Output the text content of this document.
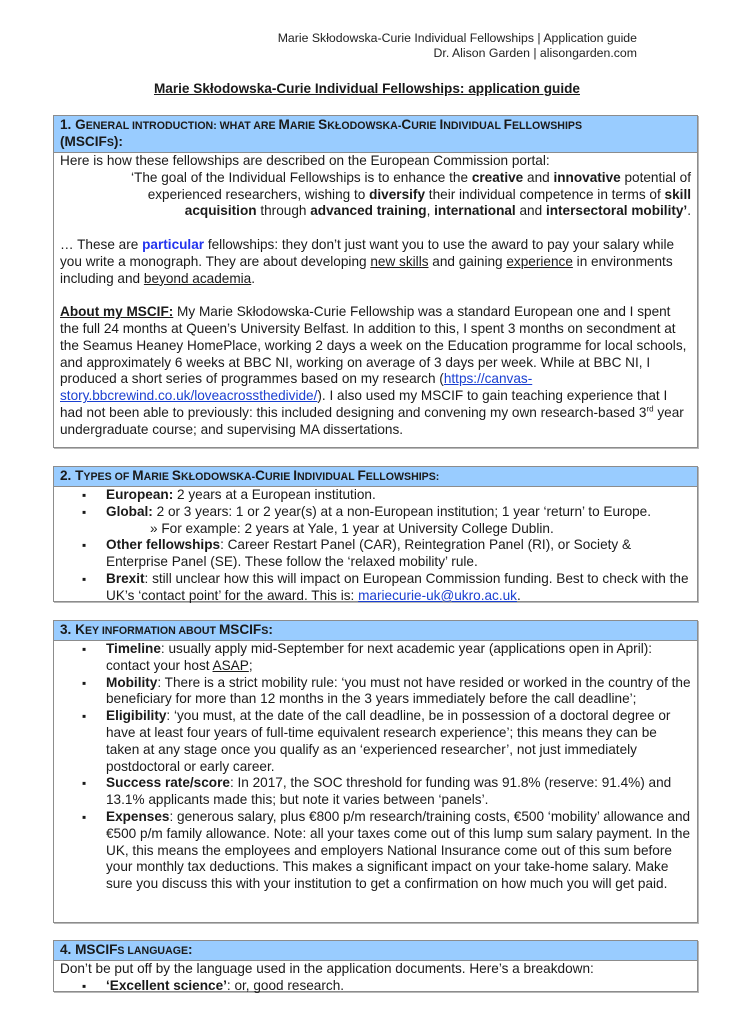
Marie Skłodowska-Curie Individual Fellowships | Application guide
Dr. Alison Garden | alisongarden.com
Marie Skłodowska-Curie Individual Fellowships: application guide
1. GENERAL INTRODUCTION: WHAT ARE MARIE SKŁODOWSKA-CURIE INDIVIDUAL FELLOWSHIPS
(MSCIFS):

Here is how these fellowships are described on the European Commission portal:

‘The goal of the Individual Fellowships is to enhance the creative and innovative potential of experienced researchers, wishing to diversify their individual competence in terms of skill acquisition through advanced training, international and intersectoral mobility’.

… These are particular fellowships: they don’t just want you to use the award to pay your salary while you write a monograph. They are about developing new skills and gaining experience in environments including and beyond academia.

About my MSCIF: My Marie Skłodowska-Curie Fellowship was a standard European one and I spent the full 24 months at Queen’s University Belfast. In addition to this, I spent 3 months on secondment at the Seamus Heaney HomePlace, working 2 days a week on the Education programme for local schools, and approximately 6 weeks at BBC NI, working on average of 3 days per week. While at BBC NI, I produced a short series of programmes based on my research (https://canvas-story.bbcrewind.co.uk/loveacrossthedivide/). I also used my MSCIF to gain teaching experience that I had not been able to previously: this included designing and convening my own research-based 3rd year undergraduate course; and supervising MA dissertations.

2. TYPES OF MARIE SKŁODOWSKA-CURIE INDIVIDUAL FELLOWSHIPS:
▪ European: 2 years at a European institution.
▪ Global: 2 or 3 years: 1 or 2 year(s) at a non-European institution; 1 year ‘return’ to Europe.
» For example: 2 years at Yale, 1 year at University College Dublin.
▪ Other fellowships: Career Restart Panel (CAR), Reintegration Panel (RI), or Society & Enterprise Panel (SE). These follow the ‘relaxed mobility’ rule.
▪ Brexit: still unclear how this will impact on European Commission funding. Best to check with the UK’s ‘contact point’ for the award. This is: mariecurie-uk@ukro.ac.uk.
3. KEY INFORMATION ABOUT MSCIFS:
▪ Timeline: usually apply mid-September for next academic year (applications open in April): contact your host ASAP;
▪ Mobility: There is a strict mobility rule: ‘you must not have resided or worked in the country of the beneficiary for more than 12 months in the 3 years immediately before the call deadline’;
▪ Eligibility: ‘you must, at the date of the call deadline, be in possession of a doctoral degree or have at least four years of full-time equivalent research experience’; this means they can be taken at any stage once you qualify as an ‘experienced researcher’, not just immediately postdoctoral or early career.
▪ Success rate/score: In 2017, the SOC threshold for funding was 91.8% (reserve: 91.4%) and 13.1% applicants made this; but note it varies between ‘panels’.
▪ Expenses: generous salary, plus €800 p/m research/training costs, €500 ‘mobility’ allowance and €500 p/m family allowance. Note: all your taxes come out of this lump sum salary payment. In the UK, this means the employees and employers National Insurance come out of this sum before your monthly tax deductions. This makes a significant impact on your take-home salary. Make sure you discuss this with your institution to get a confirmation on how much you will get paid.
4. MSCIFS LANGUAGE:

Don’t be put off by the language used in the application documents. Here’s a breakdown:

▪ ‘Excellent science’: or, good research.
